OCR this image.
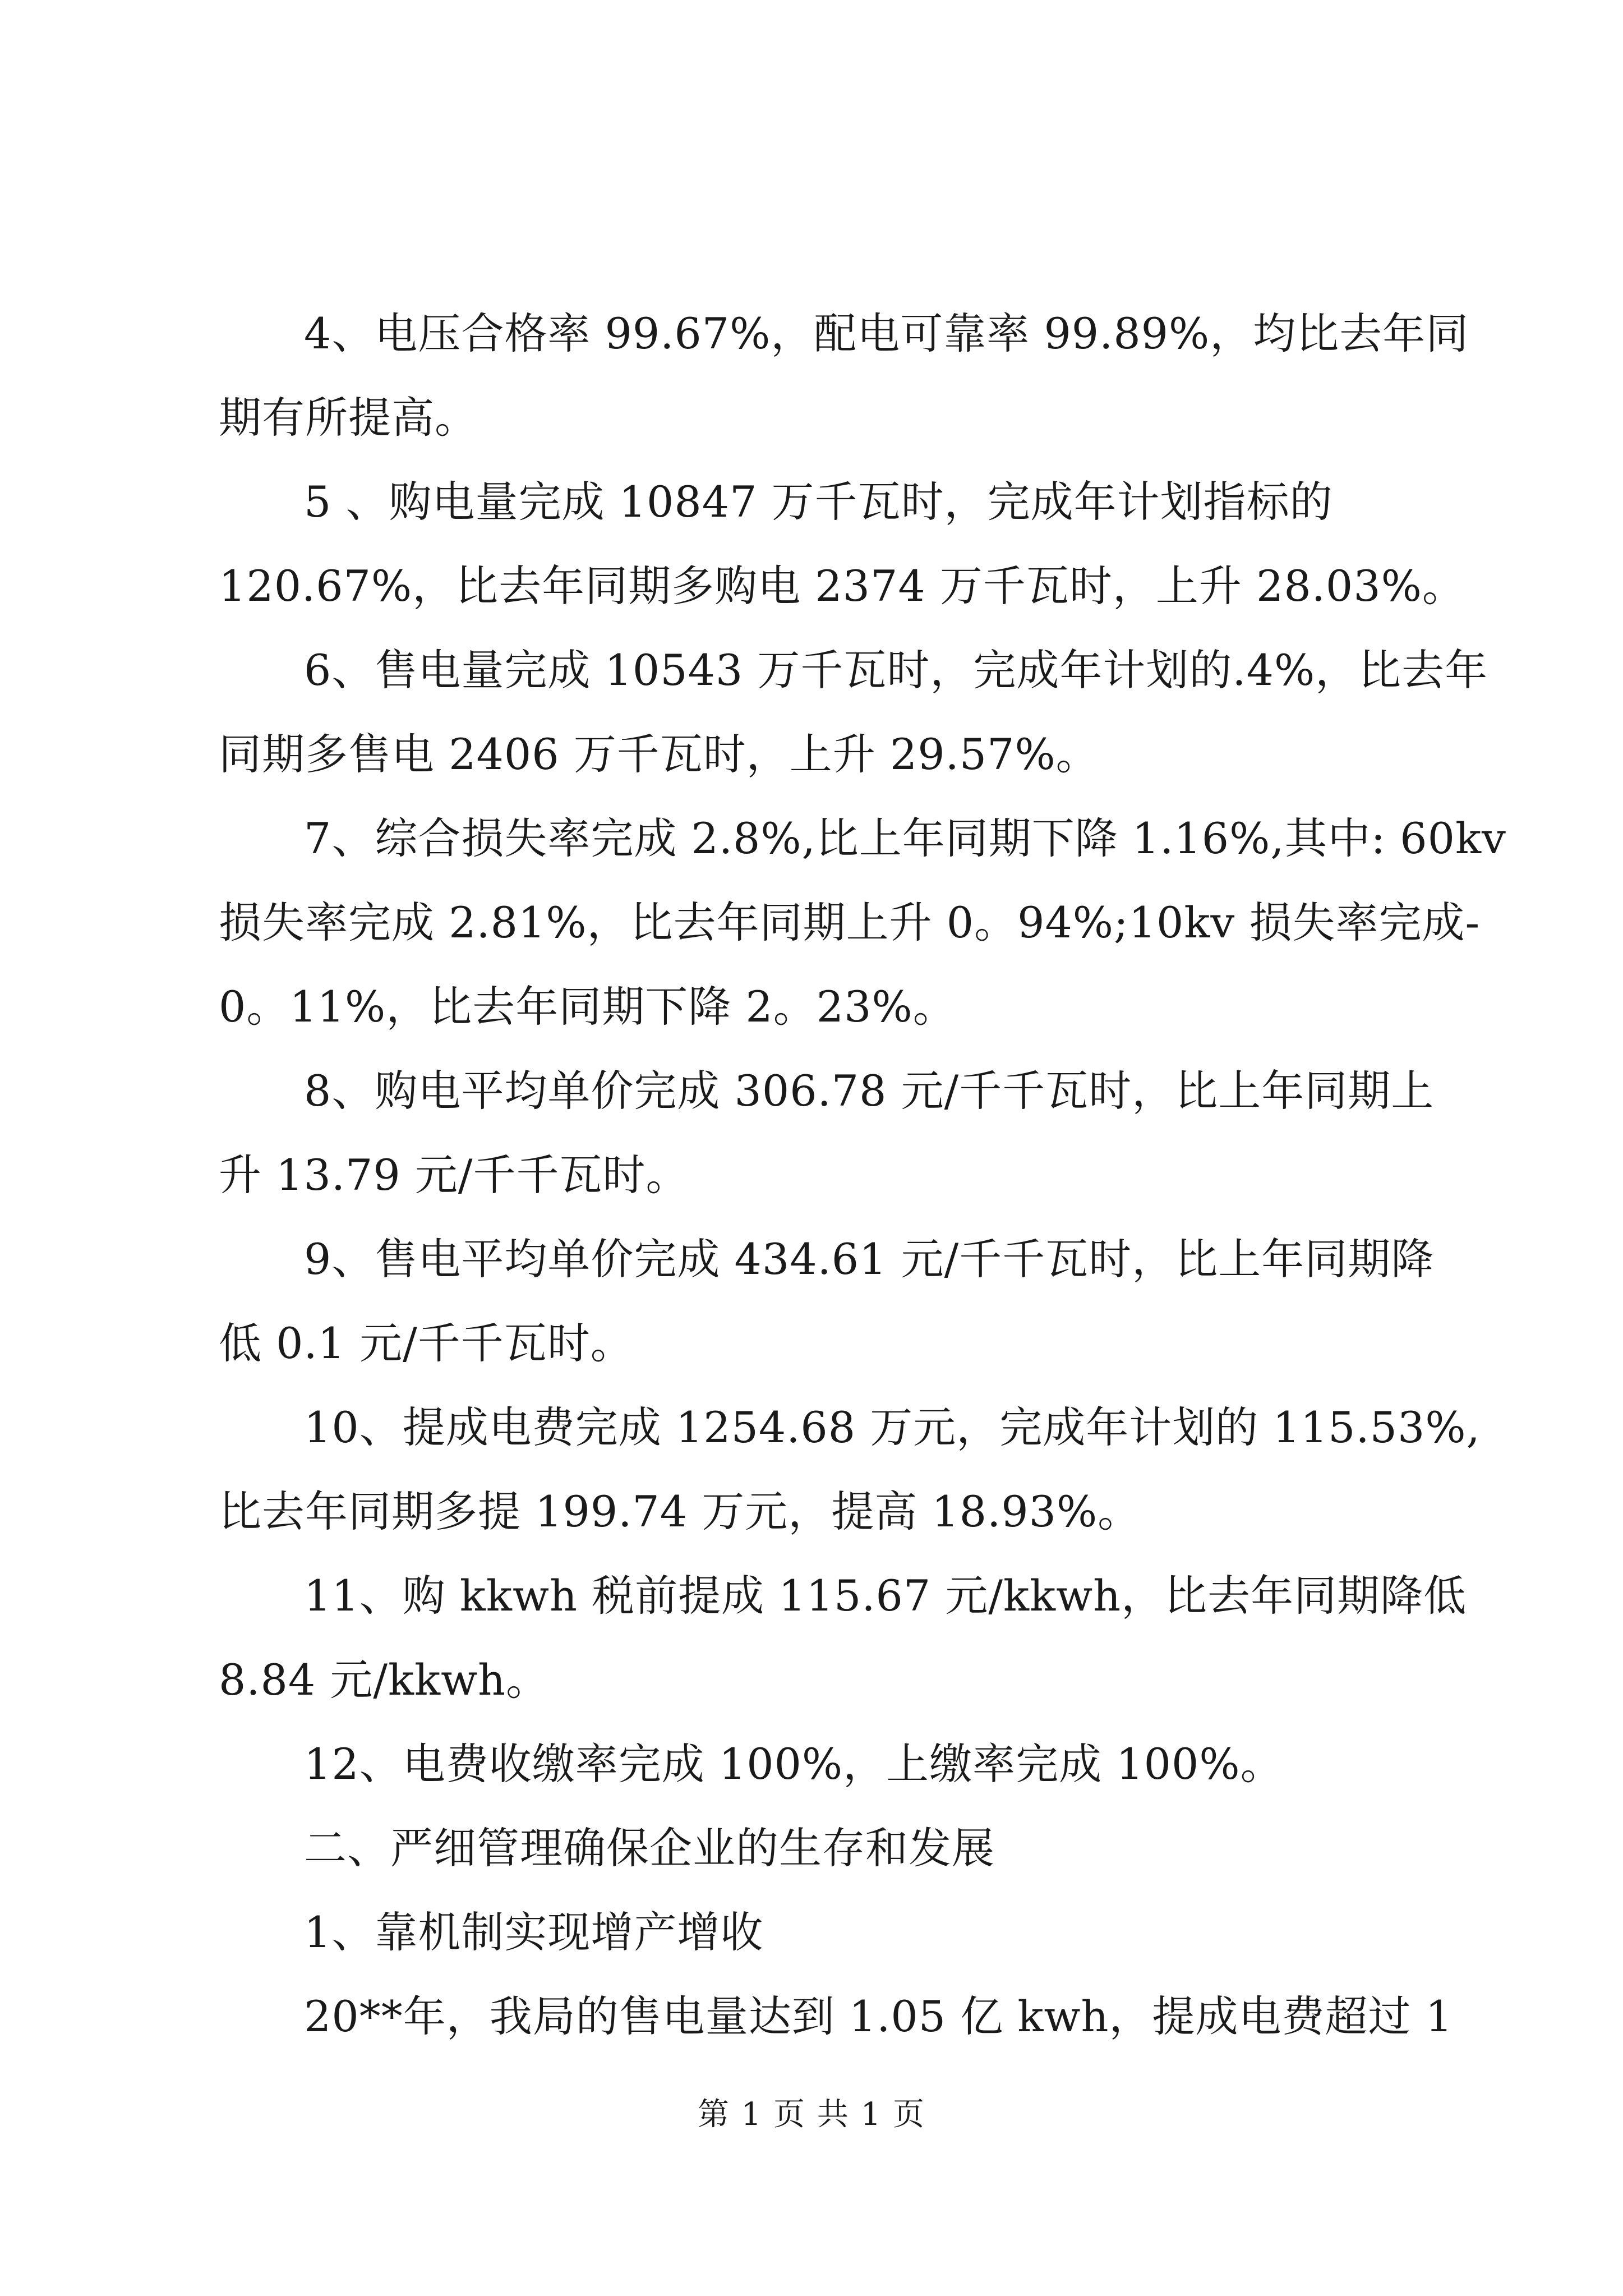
4、电压合格率 99.67%，配电可靠率 99.89%，均比去年同
期有所提高。

5 、购电量完成 10847 万千瓦时，完成年计划指标的
120.67%，比去年同期多购电 2374 万千瓦时，上升 28.03%。

6、售电量完成 10543 万千瓦时，完成年计划的.4%，比去年
同期多售电 2406 万千瓦时，上升 29.57%。

7、综合损失率完成 2.8%,比上年同期下降 1.16%,其中: 60kv
损失率完成 2.81%，比去年同期上升 0。94%;10kv 损失率完成-
0。11%，比去年同期下降 2。23%。

8、购电平均单价完成 306.78 元/千千瓦时，比上年同期上
升 13.79 元/千千瓦时。

9、售电平均单价完成 434.61 元/千千瓦时，比上年同期降
低 0.1 元/千千瓦时。

10、提成电费完成 1254.68 万元，完成年计划的 115.53%,
比去年同期多提 199.74 万元，提高 18.93%。

11、购 kkwh 税前提成 115.67 元/kkwh，比去年同期降低
8.84 元/kkwh。

12、电费收缴率完成 100%，上缴率完成 100%。

二、严细管理确保企业的生存和发展

1、靠机制实现增产增收

20**年，我局的售电量达到 1.05 亿 kwh，提成电费超过 1

第 1 页 共 1 页
